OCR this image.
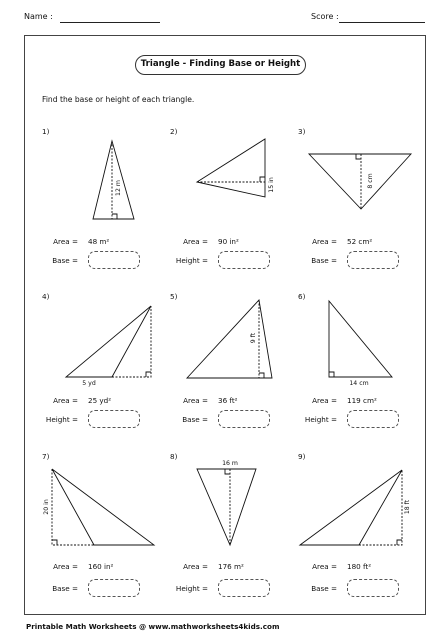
Name :	Score :
Triangle - Finding Base or Height
Find the base or height of each triangle.
1)	2)	3)
4)	5)	6)
7)	8)	9)
12 m	15 in	8 cm
5 yd
9 ft
14 cm
20 in
16 m
18 ft
Area = 48 m²
Base =
Area = 90 in²
Height =
Area = 52 cm²
Base =
Area = 25 yd²
Height =
Area = 36 ft²
Base =
Area = 119 cm²
Height =
Area = 160 in²
Base =
Area = 176 m²
Height =
Area = 180 ft²
Base =
Printable Math Worksheets @ www.mathworksheets4kids.com
